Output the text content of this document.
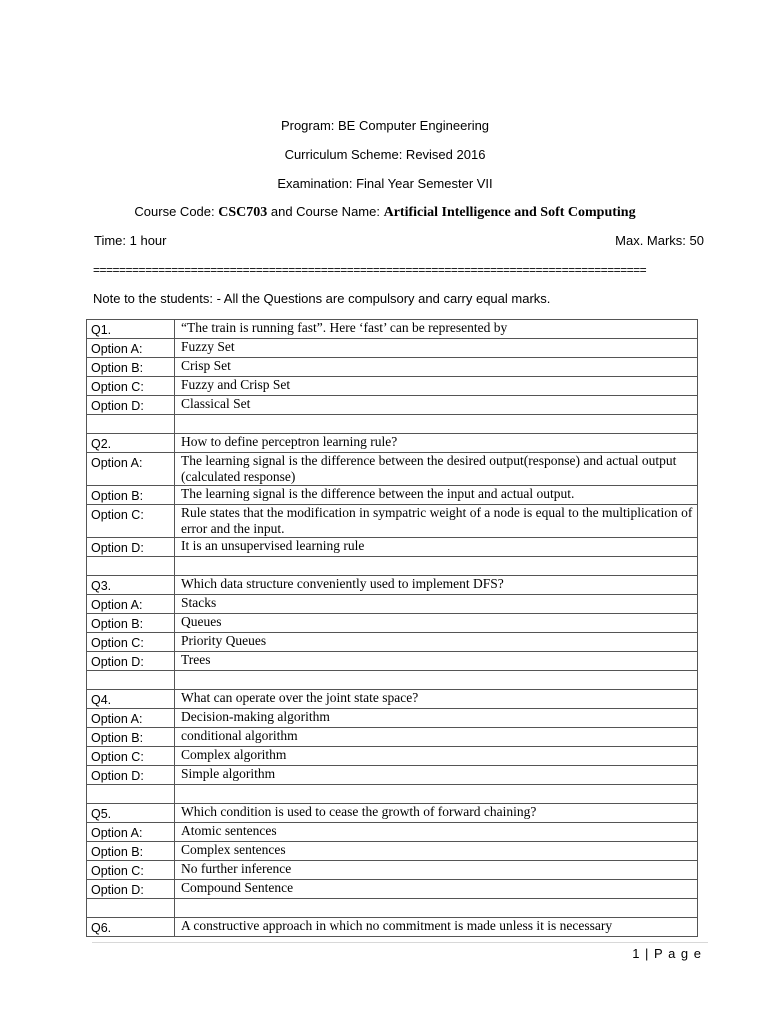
Program: BE Computer Engineering
Curriculum Scheme: Revised 2016
Examination: Final Year Semester VII
Course Code: CSC703 and Course Name: Artificial Intelligence and Soft Computing
Time: 1 hour	Max. Marks: 50
=====================================================================================
Note to the students: - All the Questions are compulsory and carry equal marks.
Q1.	“The train is running fast”. Here ‘fast’ can be represented by
Option A:	Fuzzy Set
Option B:	Crisp Set
Option C:	Fuzzy and Crisp Set
Option D:	Classical Set

Q2.	How to define perceptron learning rule?
Option A:	The learning signal is the difference between the desired output(response) and actual output (calculated response)
Option B:	The learning signal is the difference between the input and actual output.
Option C:	Rule states that the modification in sympatric weight of a node is equal to the multiplication of error and the input.
Option D:	It is an unsupervised learning rule

Q3.	Which data structure conveniently used to implement DFS?
Option A:	Stacks
Option B:	Queues
Option C:	Priority Queues
Option D:	Trees

Q4.	What can operate over the joint state space?
Option A:	Decision-making algorithm
Option B:	conditional algorithm
Option C:	Complex algorithm
Option D:	Simple algorithm

Q5.	Which condition is used to cease the growth of forward chaining?
Option A:	Atomic sentences
Option B:	Complex sentences
Option C:	No further inference
Option D:	Compound Sentence

Q6.	A constructive approach in which no commitment is made unless it is necessary
1 | P a g e
